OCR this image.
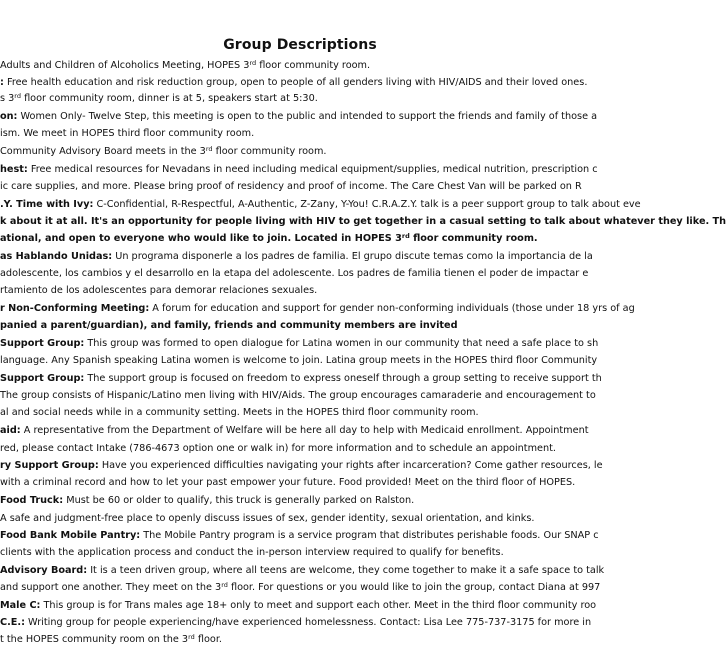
Group Descriptions
Adults and Children of Alcoholics Meeting, HOPES 3rd floor community room.
: Free health education and risk reduction group, open to people of all genders living with HIV/AIDS and their loved ones.
s 3rd floor community room, dinner is at 5, speakers start at 5:30.
on: Women Only- Twelve Step, this meeting is open to the public and intended to support the friends and family of those a
ism. We meet in HOPES third floor community room.
Community Advisory Board meets in the 3rd floor community room.
hest: Free medical resources for Nevadans in need including medical equipment/supplies, medical nutrition, prescription c
ic care supplies, and more. Please bring proof of residency and proof of income. The Care Chest Van will be parked on R
.Y. Time with Ivy: C-Confidential, R-Respectful, A-Authentic, Z-Zany, Y-You! C.R.A.Z.Y. talk is a peer support group to talk about eve
k about it at all. It's an opportunity for people living with HIV to get together in a casual setting to talk about whatever they like. Th
ational, and open to everyone who would like to join. Located in HOPES 3rd floor community room.
as Hablando Unidas: Un programa disponerle a los padres de familia. El grupo discute temas como la importancia de la
adolescente, los cambios y el desarrollo en la etapa del adolescente. Los padres de familia tienen el poder de impactar e
rtamiento de los adolescentes para demorar relaciones sexuales.
r Non-Conforming Meeting: A forum for education and support for gender non-conforming individuals (those under 18 yrs of ag
panied a parent/guardian), and family, friends and community members are invited
Support Group: This group was formed to open dialogue for Latina women in our community that need a safe place to sh
language. Any Spanish speaking Latina women is welcome to join. Latina group meets in the HOPES third floor Community
Support Group: The support group is focused on freedom to express oneself through a group setting to receive support th
The group consists of Hispanic/Latino men living with HIV/Aids. The group encourages camaraderie and encouragement to
al and social needs while in a community setting. Meets in the HOPES third floor community room.
aid: A representative from the Department of Welfare will be here all day to help with Medicaid enrollment. Appointment
red, please contact Intake (786-4673 option one or walk in) for more information and to schedule an appointment.
ry Support Group: Have you experienced difficulties navigating your rights after incarceration? Come gather resources, le
with a criminal record and how to let your past empower your future. Food provided! Meet on the third floor of HOPES.
Food Truck: Must be 60 or older to qualify, this truck is generally parked on Ralston.
A safe and judgment-free place to openly discuss issues of sex, gender identity, sexual orientation, and kinks.
Food Bank Mobile Pantry: The Mobile Pantry program is a service program that distributes perishable foods. Our SNAP c
clients with the application process and conduct the in-person interview required to qualify for benefits.
Advisory Board: It is a teen driven group, where all teens are welcome, they come together to make it a safe space to talk
and support one another. They meet on the 3rd floor. For questions or you would like to join the group, contact Diana at 997
Male C: This group is for Trans males age 18+ only to meet and support each other. Meet in the third floor community roo
C.E.: Writing group for people experiencing/have experienced homelessness. Contact: Lisa Lee 775-737-3175 for more in
t the HOPES community room on the 3rd floor.
